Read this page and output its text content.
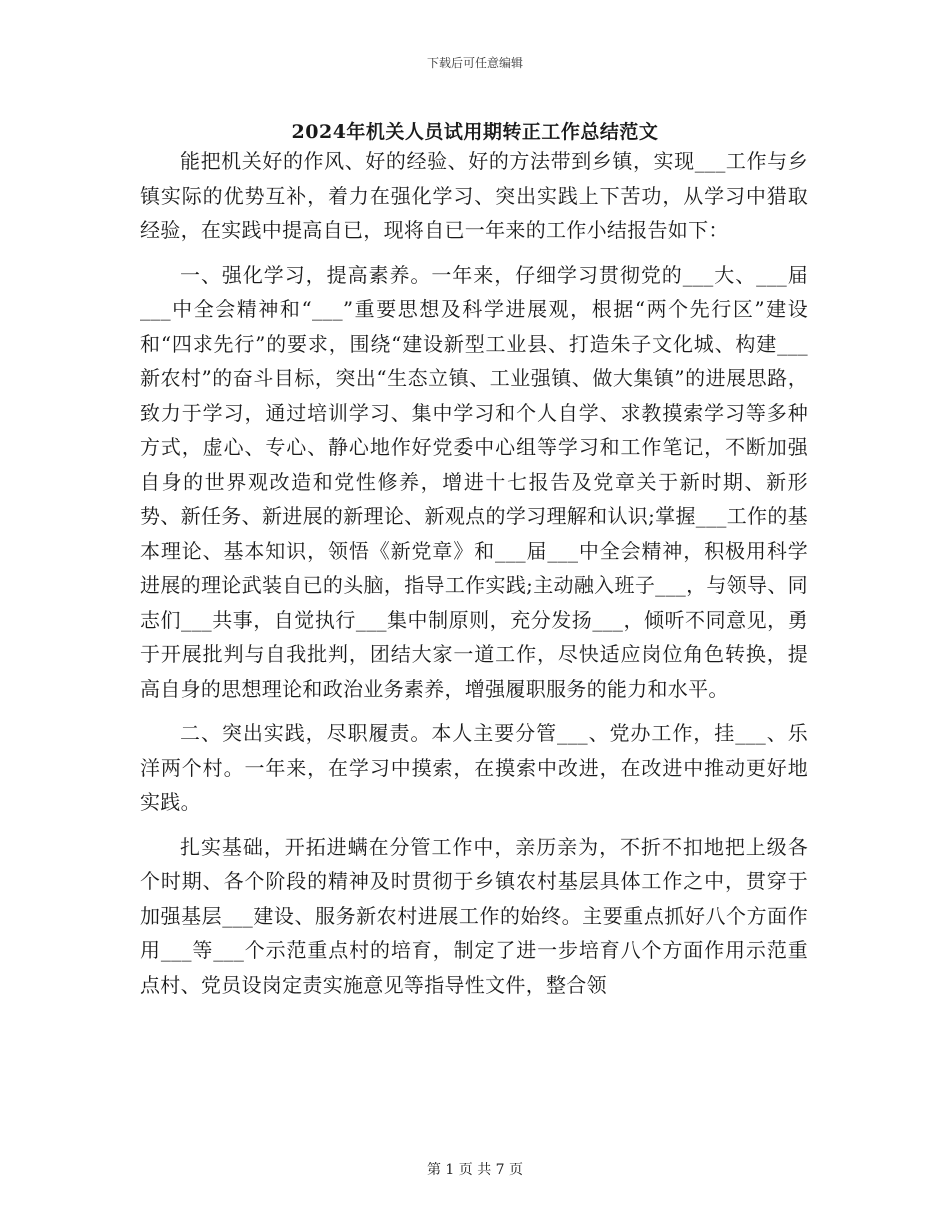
下载后可任意编辑
2024年机关人员试用期转正工作总结范文

能把机关好的作风、好的经验、好的方法带到乡镇，实现___工作与乡镇实际的优势互补，着力在强化学习、突出实践上下苦功，从学习中猎取经验，在实践中提高自已，现将自已一年来的工作小结报告如下：

一、强化学习，提高素养。一年来，仔细学习贯彻党的___大、___届___中全会精神和“___”重要思想及科学进展观，根据“两个先行区”建设和“四求先行”的要求，围绕“建设新型工业县、打造朱子文化城、构建___新农村”的奋斗目标，突出“生态立镇、工业强镇、做大集镇”的进展思路，致力于学习，通过培训学习、集中学习和个人自学、求教摸索学习等多种方式，虚心、专心、静心地作好党委中心组等学习和工作笔记，不断加强自身的世界观改造和党性修养，增进十七报告及党章关于新时期、新形势、新任务、新进展的新理论、新观点的学习理解和认识;掌握___工作的基本理论、基本知识，领悟《新党章》和___届___中全会精神，积极用科学进展的理论武装自已的头脑，指导工作实践;主动融入班子___，与领导、同志们___共事，自觉执行___集中制原则，充分发扬___，倾听不同意见，勇于开展批判与自我批判，团结大家一道工作，尽快适应岗位角色转换，提高自身的思想理论和政治业务素养，增强履职服务的能力和水平。

二、突出实践，尽职履责。本人主要分管___、党办工作，挂___、乐洋两个村。一年来，在学习中摸索，在摸索中改进，在改进中推动更好地实践。

扎实基础，开拓进螨在分管工作中，亲历亲为，不折不扣地把上级各个时期、各个阶段的精神及时贯彻于乡镇农村基层具体工作之中，贯穿于加强基层___建设、服务新农村进展工作的始终。主要重点抓好八个方面作用___等___个示范重点村的培育，制定了进一步培育八个方面作用示范重点村、党员设岗定责实施意见等指导性文件，整合领

第 1 页 共 7 页
